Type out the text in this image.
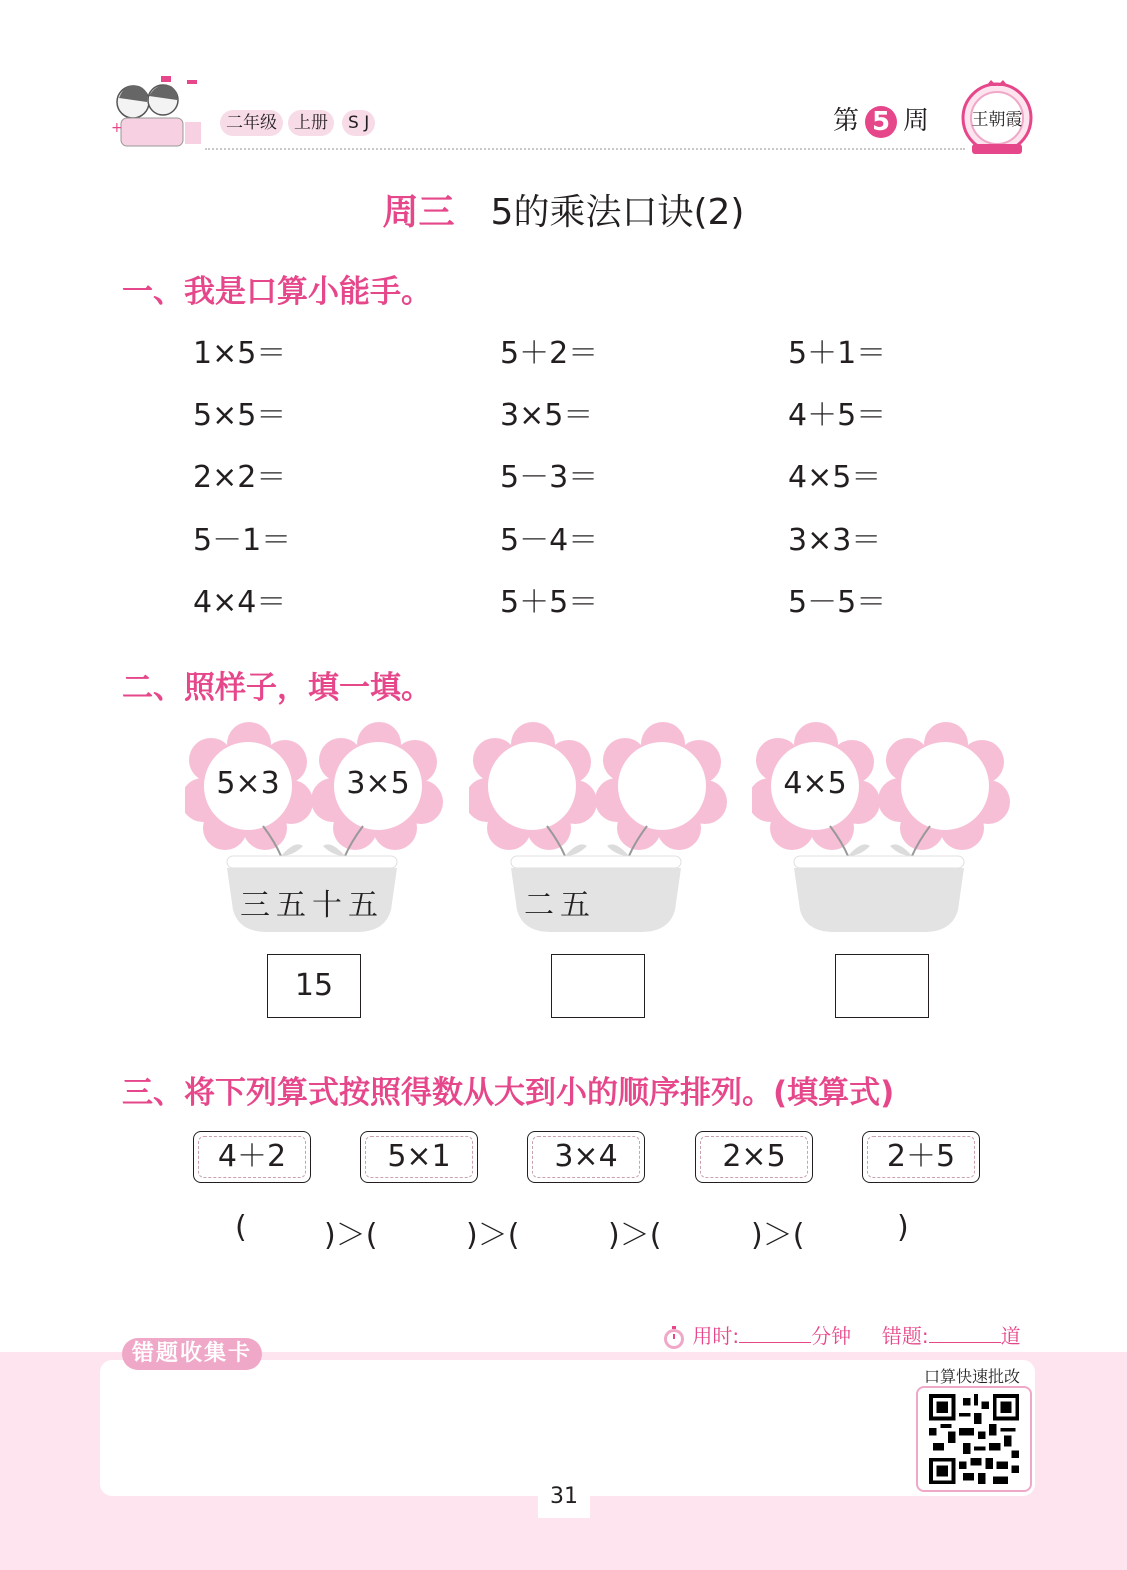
+	二年级	上册	S J	第 5 周 王朝霞
周三 5的乘法口诀(2)
一、我是口算小能手。
1×5＝	5＋2＝	5＋1＝
5×5＝	3×5＝	4＋5＝
2×2＝	5－3＝	4×5＝
5－1＝	5－4＝	3×3＝
4×4＝	5＋5＝	5－5＝
二、照样子，填一填。
5×3	3×5	4×5
三五十五	二五
15
三、将下列算式按照得数从大到小的顺序排列。(填算式)
4＋2	5×1	3×4	2×5	2＋5
(	)＞(	)＞(	)＞(	)＞(	)
用时:	分钟 错题:	道
错题收集卡
口算快速批改
31
